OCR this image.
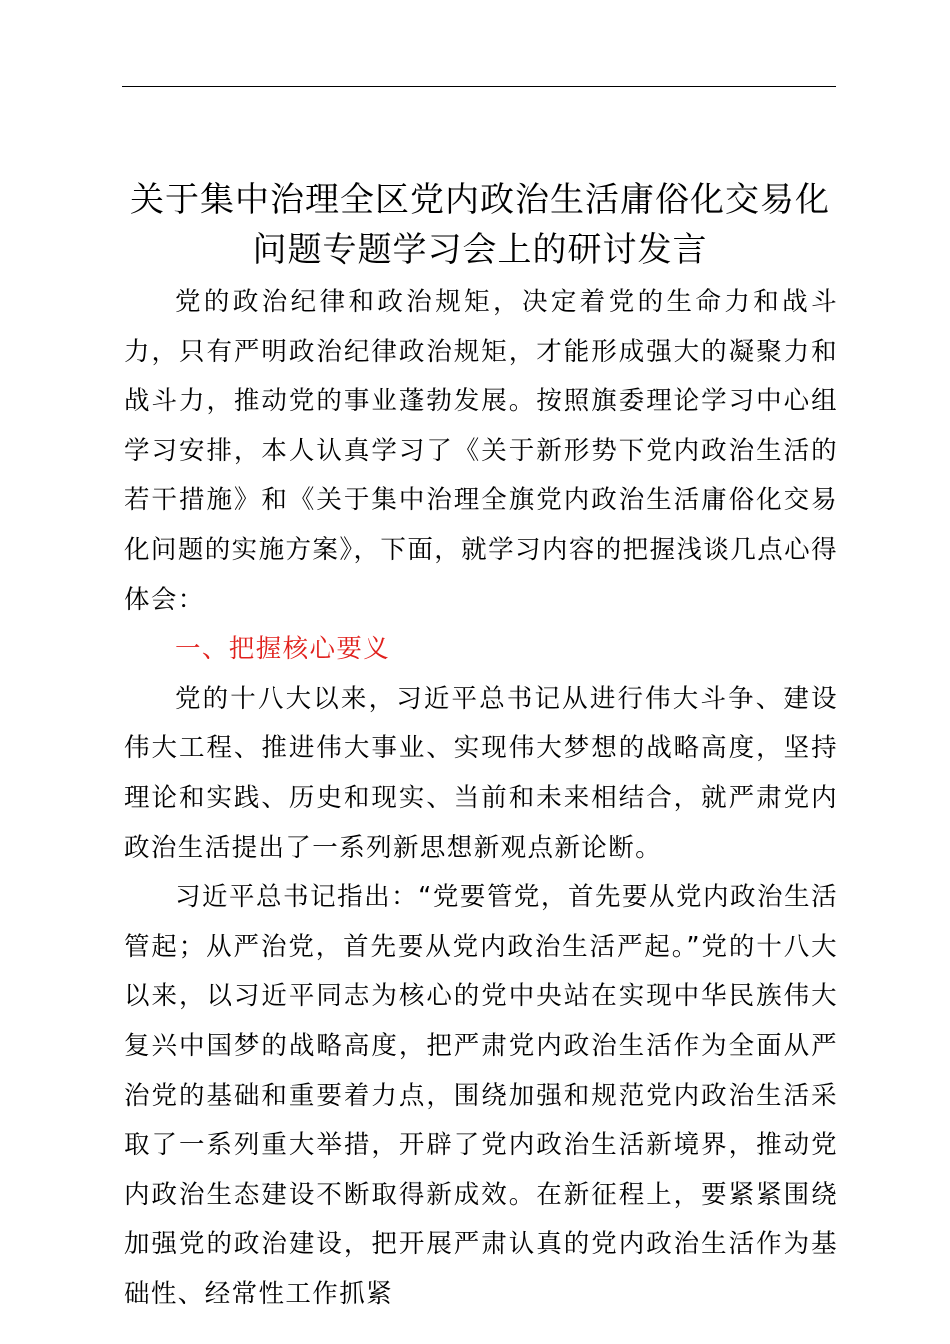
关于集中治理全区党内政治生活庸俗化交易化
问题专题学习会上的研讨发言

党的政治纪律和政治规矩，决定着党的生命力和战斗力，只有严明政治纪律政治规矩，才能形成强大的凝聚力和战斗力，推动党的事业蓬勃发展。按照旗委理论学习中心组学习安排，本人认真学习了《关于新形势下党内政治生活的若干措施》和《关于集中治理全旗党内政治生活庸俗化交易化问题的实施方案》，下面，就学习内容的把握浅谈几点心得体会：

一、把握核心要义

党的十八大以来，习近平总书记从进行伟大斗争、建设伟大工程、推进伟大事业、实现伟大梦想的战略高度，坚持理论和实践、历史和现实、当前和未来相结合，就严肃党内政治生活提出了一系列新思想新观点新论断。

习近平总书记指出：“党要管党，首先要从党内政治生活管起；从严治党，首先要从党内政治生活严起。”党的十八大以来，以习近平同志为核心的党中央站在实现中华民族伟大复兴中国梦的战略高度，把严肃党内政治生活作为全面从严治党的基础和重要着力点，围绕加强和规范党内政治生活采取了一系列重大举措，开辟了党内政治生活新境界，推动党内政治生态建设不断取得新成效。在新征程上，要紧紧围绕加强党的政治建设，把开展严肃认真的党内政治生活作为基础性、经常性工作抓紧
